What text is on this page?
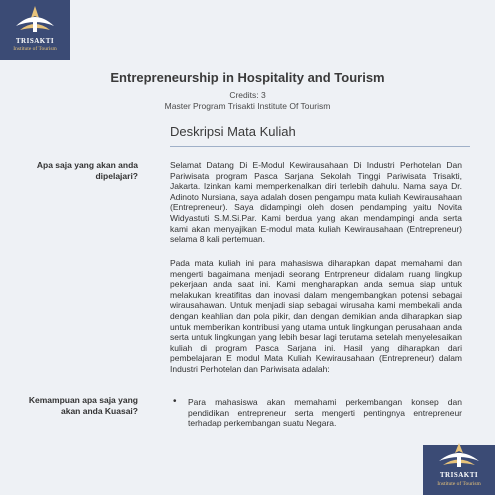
TRISAKTI
Institute of Tourism
Entrepreneurship in Hospitality and Tourism
Credits: 3
Master Program Trisakti Institute Of Tourism
Deskripsi Mata Kuliah
Apa saja yang akan anda dipelajari?
Selamat Datang Di E-Modul Kewirausahaan Di Industri Perhotelan Dan Pariwisata program Pasca Sarjana Sekolah Tinggi Pariwisata Trisakti, Jakarta. Izinkan kami memperkenalkan diri terlebih dahulu. Nama saya Dr. Adinoto Nursiana, saya adalah dosen pengampu mata kuliah Kewirausahaan (Entrepreneur). Saya didampingi oleh dosen pendamping yaitu Novita Widyastuti S.M.Si.Par. Kami berdua yang akan mendampingi anda serta kami akan menyajikan E-modul mata kuliah Kewirausahaan (Entrepreneur) selama 8 kali pertemuan.
Pada mata kuliah ini para mahasiswa diharapkan dapat memahami dan mengerti bagaimana menjadi seorang Entrpreneur didalam ruang lingkup pekerjaan anda saat ini. Kami mengharapkan anda semua siap untuk melakukan kreatifitas dan inovasi dalam mengembangkan potensi sebagai wirausahawan. Untuk menjadi siap sebagai wirusaha kami membekali anda dengan keahlian dan pola pikir, dan dengan demikian anda diharapkan siap untuk memberikan kontribusi yang utama untuk lingkungan perusahaan anda serta untuk lingkungan yang lebih besar lagi terutama setelah menyelesaikan kuliah di program Pasca Sarjana ini. Hasil yang diharapkan dari pembelajaran E modul Mata Kuliah Kewirausahaan (Entrepreneur) dalam Industri Perhotelan dan Pariwisata adalah:
Kemampuan apa saja yang akan anda Kuasai?
• Para mahasiswa akan memahami perkembangan konsep dan pendidikan entrepreneur serta mengerti pentingnya entrepreneur terhadap perkembangan suatu Negara.
TRISAKTI
Institute of Tourism
